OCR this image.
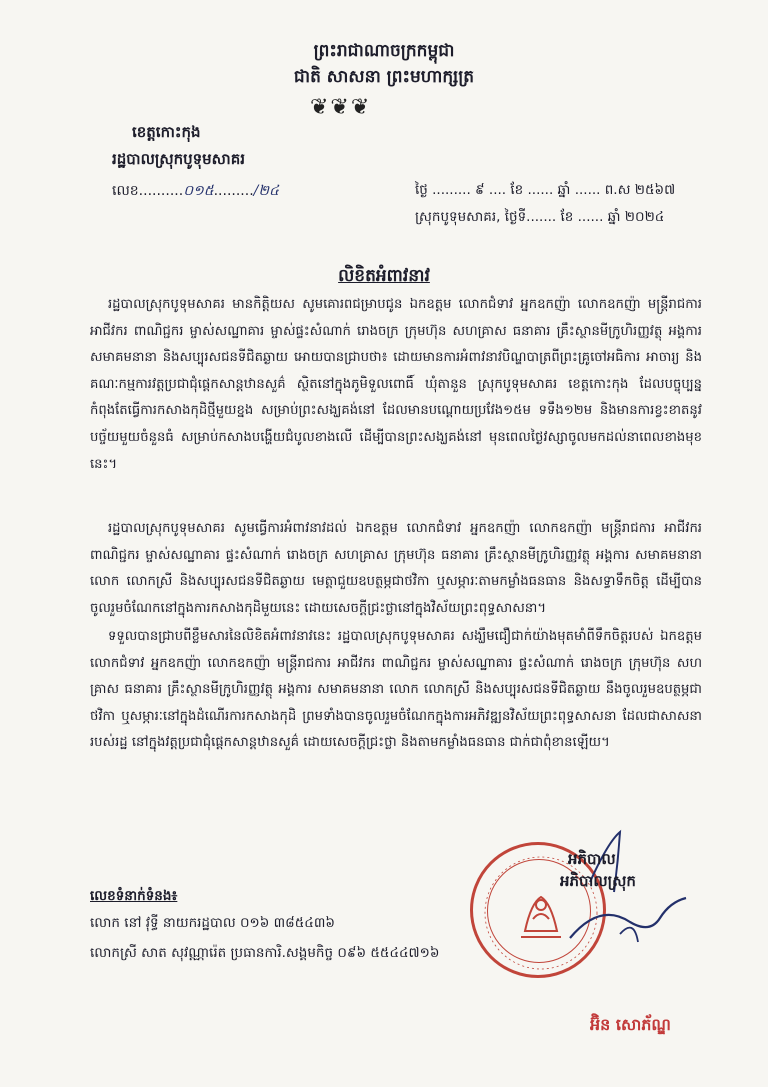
ព្រះរាជាណាចក្រកម្ពុជា
ជាតិ សាសនា ព្រះមហាក្សត្រ
❦❦❦
ខេត្តកោះកុង
រដ្ឋបាលស្រុកបូទុមសាគរ
លេខ..........០១៥........./២៤	ថ្ងៃ ......... ៩ .... ខែ ...... ឆ្នាំ ...... ព.ស ២៥៦៧
ស្រុកបូទុមសាគរ, ថ្ងៃទី....... ខែ ...... ឆ្នាំ ២០២៤
លិខិតអំពាវនាវ
រដ្ឋបាលស្រុកបូទុមសាគរ មានកិត្តិយស សូមគោរពជម្រាបជូន ឯកឧត្តម លោកជំទាវ អ្នកឧកញ៉ា លោកឧកញ៉ា មន្ត្រីរាជការ អាជីវករ ពាណិជ្ជករ ម្ចាស់សណ្ឋាគារ ម្ចាស់ផ្ទះសំណាក់ រោងចក្រ ក្រុមហ៊ុន សហគ្រាស ធនាគារ គ្រឹះស្ថានមីក្រូហិរញ្ញវត្ថុ អង្គការ សមាគមនានា និងសប្បុរសជនទីជិតឆ្ងាយ អោយបានជ្រាបថា៖ ដោយមានការអំពាវនាវបិណ្ឌបាត្រពីព្រះគ្រូចៅអធិការ អាចារ្យ និងគណៈកម្មការវត្តប្រជាជុំផ្ដេកសាន្តឋានសួគ៌ ស្ថិតនៅក្នុងភូមិទួលពោធិ៍ ឃុំតានួន ស្រុកបូទុមសាគរ ខេត្តកោះកុង ដែលបច្ចុប្បន្ន កំពុងតែធ្វើការកសាងកុដិថ្មីមួយខ្នង សម្រាប់ព្រះសង្ឃគង់នៅ ដែលមានបណ្ដោយប្រវែង១៥ម ទទឹង១២ម និងមានការខ្វះខាតនូវបច្ច័យមួយចំនួនធំ សម្រាប់កសាងបង្ហើយជំបូលខាងលើ ដើម្បីបានព្រះសង្ឃគង់នៅ មុនពេលថ្ងៃវស្សាចូលមកដល់នាពេលខាងមុខនេះ។
រដ្ឋបាលស្រុកបូទុមសាគរ សូមធ្វើការអំពាវនាវដល់ ឯកឧត្តម លោកជំទាវ អ្នកឧកញ៉ា លោកឧកញ៉ា មន្ត្រីរាជការ អាជីវករ ពាណិជ្ជករ ម្ចាស់សណ្ឋាគារ ផ្ទះសំណាក់ រោងចក្រ សហគ្រាស ក្រុមហ៊ុន ធនាគារ គ្រឹះស្ថានមីក្រូហិរញ្ញវត្ថុ អង្គការ សមាគមនានា លោក លោកស្រី និងសប្បុរសជនទីជិតឆ្ងាយ មេត្តាជួយឧបត្ថម្ភជាថវិកា ឬសម្ភារៈតាមកម្លាំងធនធាន និងសទ្ធាទឹកចិត្ត ដើម្បីបានចូលរួមចំណែកនៅក្នុងការកសាងកុដិមួយនេះ ដោយសេចក្ដីជ្រះថ្លានៅក្នុងវិស័យព្រះពុទ្ធសាសនា។
ទទួលបានជ្រាបពីខ្លឹមសារនៃលិខិតអំពាវនាវនេះ រដ្ឋបាលស្រុកបូទុមសាគរ សង្ឃឹមជឿជាក់យ៉ាងមុតមាំពីទឹកចិត្តរបស់ ឯកឧត្តម លោកជំទាវ អ្នកឧកញ៉ា លោកឧកញ៉ា មន្ត្រីរាជការ អាជីវករ ពាណិជ្ជករ ម្ចាស់សណ្ឋាគារ ផ្ទះសំណាក់ រោងចក្រ ក្រុមហ៊ុន សហគ្រាស ធនាគារ គ្រឹះស្ថានមីក្រូហិរញ្ញវត្ថុ អង្គការ សមាគមនានា លោក លោកស្រី និងសប្បុរសជនទីជិតឆ្ងាយ នឹងចូលរួមឧបត្ថម្ភជាថវិកា ឬសម្ភារៈនៅក្នុងដំណើរការកសាងកុដិ ព្រមទាំងបានចូលរួមចំណែកក្នុងការអភិវឌ្ឍនវិស័យព្រះពុទ្ធសាសនា ដែលជាសាសនារបស់រដ្ឋ នៅក្នុងវត្តប្រជាជុំផ្ដេកសាន្តឋានសួគ៌ ដោយសេចក្ដីជ្រះថ្លា និងតាមកម្លាំងធនធាន ជាក់ជាពុំខានឡើយ។
អភិបាល
អភិបាលស្រុក
អ៊ិន សោភ័ណ្ឌ
លេខទំនាក់ទំនង៖
លោក នៅ វុទ្ធី នាយករដ្ឋបាល ០១៦ ៣៨៥៤៣៦
លោកស្រី សាត សុវណ្ណារ៉េត ប្រធានការិ.សង្គមកិច្ច ០៩៦ ៥៥៤៤៧១៦
